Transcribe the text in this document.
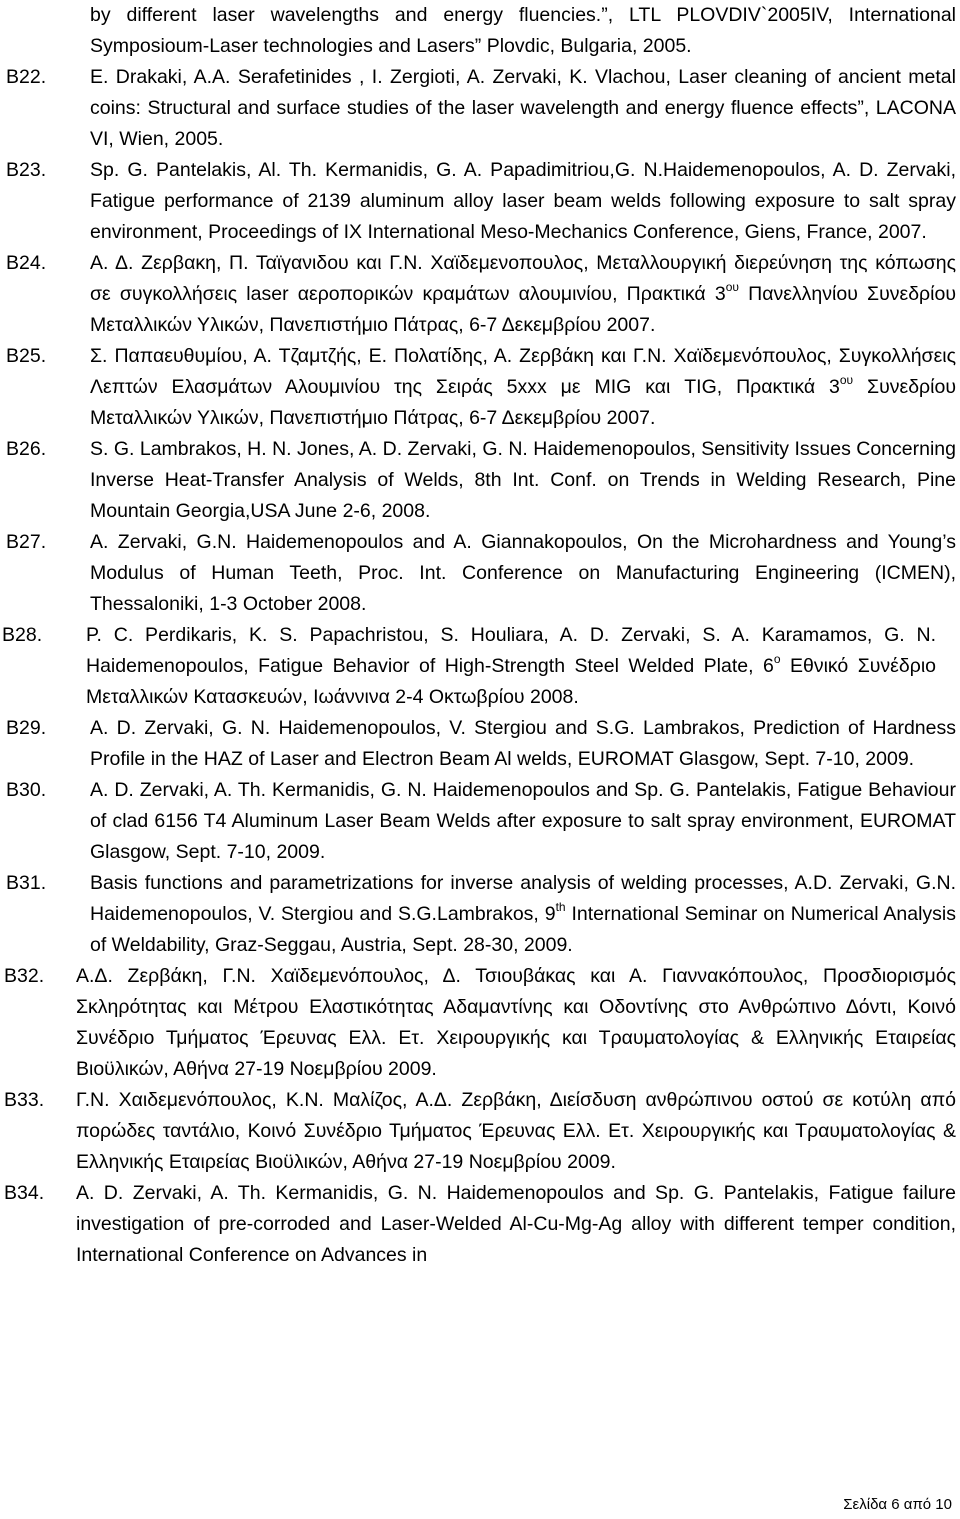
by different laser wavelengths and energy fluencies.”, LTL PLOVDIV`2005IV, International Symposioum-Laser technologies and Lasers” Plovdic, Bulgaria, 2005.
B22.	E. Drakaki, A.A. Serafetinides , I. Zergioti, A. Zervaki, K. Vlachou, Laser cleaning of ancient metal coins: Structural and surface studies of the laser wavelength and energy fluence effects”, LACONA VI, Wien, 2005.
B23.	Sp. G. Pantelakis, Al. Th. Kermanidis, G. A. Papadimitriou,G. N.Haidemenopoulos, A. D. Zervaki, Fatigue performance of 2139 aluminum alloy laser beam welds following exposure to salt spray environment, Proceedings of IX International Meso-Mechanics Conference, Giens, France, 2007.
B24.	Α. Δ. Ζερβακη, Π. Ταϊγανιδου και Γ.Ν. Χαϊδεμενοπουλος, Μεταλλουργική διερεύνηση της κόπωσης σε συγκολλήσεις laser αεροπορικών κραμάτων αλουμινίου, Πρακτικά $3^{o\upsilon}$ Πανελληνίου Συνεδρίου Μεταλλικών Υλικών, Πανεπιστήμιο Πάτρας, 6-7 Δεκεμβρίου 2007.
B25.	Σ. Παπαευθυμίου, Α. Τζαμτζής, Ε. Πολατίδης, Α. Ζερβάκη και Γ.Ν. Χαϊδεμενόπουλος, Συγκολλήσεις Λεπτών Ελασμάτων Αλουμινίου της Σειράς 5xxx με MIG και TIG, Πρακτικά $3^{o\upsilon}$ Συνεδρίου Μεταλλικών Υλικών, Πανεπιστήμιο Πάτρας, 6-7 Δεκεμβρίου 2007.
B26.	S. G. Lambrakos, H. N. Jones, A. D. Zervaki, G. N. Haidemenopoulos, Sensitivity Issues Concerning Inverse Heat-Transfer Analysis of Welds, 8th Int. Conf. on Trends in Welding Research, Pine Mountain Georgia,USA June 2-6, 2008.
B27.	A. Zervaki, G.N. Haidemenopoulos and A. Giannakopoulos, On the Microhardness and Young’s Modulus of Human Teeth, Proc. Int. Conference on Manufacturing Engineering (ICMEN), Thessaloniki, 1-3 October 2008.
B28.	P. C. Perdikaris, K. S. Papachristou, S. Houliara, A. D. Zervaki, S. A. Karamamos, G. N. Haidemenopoulos, Fatigue Behavior of High-Strength Steel Welded Plate, $6^o$ Εθνικό Συνέδριο Μεταλλικών Κατασκευών, Ιωάννινα 2-4 Οκτωβρίου 2008.
B29.	A. D. Zervaki, G. N. Haidemenopoulos, V. Stergiou and S.G. Lambrakos, Prediction of Hardness Profile in the HAZ of Laser and Electron Beam Al welds, EUROMAT Glasgow, Sept. 7-10, 2009.
B30.	A. D. Zervaki, A. Th. Kermanidis, G. N. Haidemenopoulos and Sp. G. Pantelakis, Fatigue Behaviour of clad 6156 T4 Aluminum Laser Beam Welds after exposure to salt spray environment, EUROMAT Glasgow, Sept. 7-10, 2009.
B31.	Basis functions and parametrizations for inverse analysis of welding processes, A.D. Zervaki, G.N. Haidemenopoulos, V. Stergiou and S.G.Lambrakos, 9th International Seminar on Numerical Analysis of Weldability, Graz-Seggau, Austria, Sept. 28-30, 2009.
B32.	Α.Δ. Ζερβάκη, Γ.Ν. Χαϊδεμενόπουλος, Δ. Τσιουβάκας και Α. Γιαννακόπουλος, Προσδιορισμός Σκληρότητας και Μέτρου Ελαστικότητας Αδαμαντίνης και Οδοντίνης στο Ανθρώπινο Δόντι, Κοινό Συνέδριο Τμήματος Έρευνας Ελλ. Ετ. Χειρουργικής και Τραυματολογίας & Ελληνικής Εταιρείας Βιοϋλικών, Αθήνα 27-19 Νοεμβρίου 2009.
B33.	Γ.Ν. Χαιδεμενόπουλος, Κ.Ν. Μαλίζος, Α.Δ. Ζερβάκη, Διείσδυση ανθρώπινου οστού σε κοτύλη από πορώδες ταντάλιο, Κοινό Συνέδριο Τμήματος Έρευνας Ελλ. Ετ. Χειρουργικής και Τραυματολογίας & Ελληνικής Εταιρείας Βιοϋλικών, Αθήνα 27-19 Νοεμβρίου 2009.
B34.	A. D. Zervaki, A. Th. Kermanidis, G. N. Haidemenopoulos and Sp. G. Pantelakis, Fatigue failure investigation of pre-corroded and Laser-Welded Al-Cu-Mg-Ag alloy with different temper condition, International Conference on Advances in
Σελίδα 6 από 10
